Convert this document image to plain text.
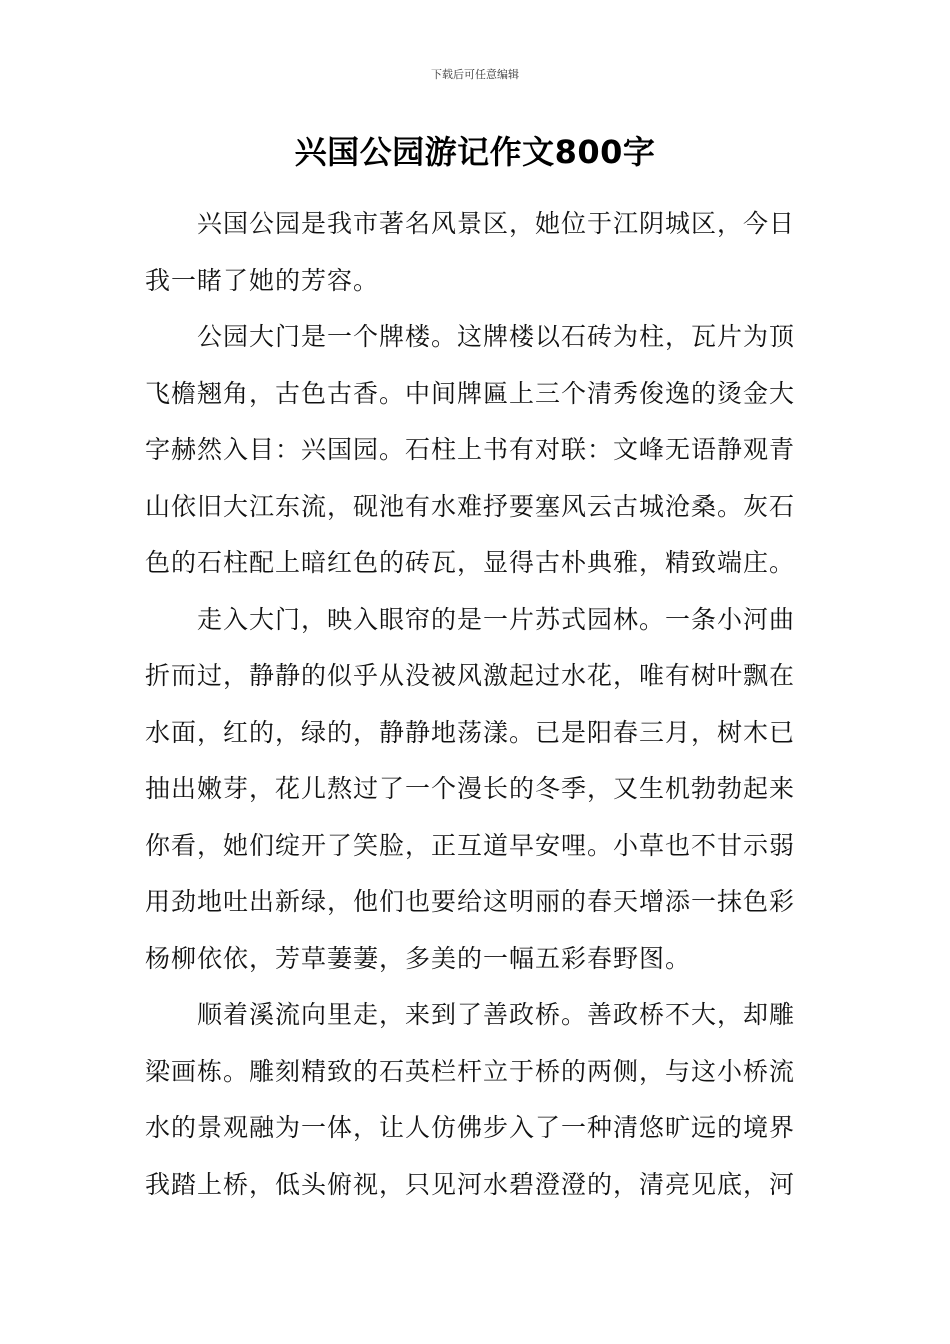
下载后可任意编辑
兴国公园游记作文800字
兴国公园是我市著名风景区，她位于江阴城区，今日
我一睹了她的芳容。
公园大门是一个牌楼。这牌楼以石砖为柱，瓦片为顶
飞檐翘角，古色古香。中间牌匾上三个清秀俊逸的烫金大
字赫然入目：兴国园。石柱上书有对联：文峰无语静观青
山依旧大江东流，砚池有水难抒要塞风云古城沧桑。灰石
色的石柱配上暗红色的砖瓦，显得古朴典雅，精致端庄。
走入大门，映入眼帘的是一片苏式园林。一条小河曲
折而过，静静的似乎从没被风激起过水花，唯有树叶飘在
水面，红的，绿的，静静地荡漾。已是阳春三月，树木已
抽出嫩芽，花儿熬过了一个漫长的冬季，又生机勃勃起来
你看，她们绽开了笑脸，正互道早安哩。小草也不甘示弱
用劲地吐出新绿，他们也要给这明丽的春天增添一抹色彩
杨柳依依，芳草萋萋，多美的一幅五彩春野图。
顺着溪流向里走，来到了善政桥。善政桥不大，却雕
梁画栋。雕刻精致的石英栏杆立于桥的两侧，与这小桥流
水的景观融为一体，让人仿佛步入了一种清悠旷远的境界
我踏上桥，低头俯视，只见河水碧澄澄的，清亮见底，河
